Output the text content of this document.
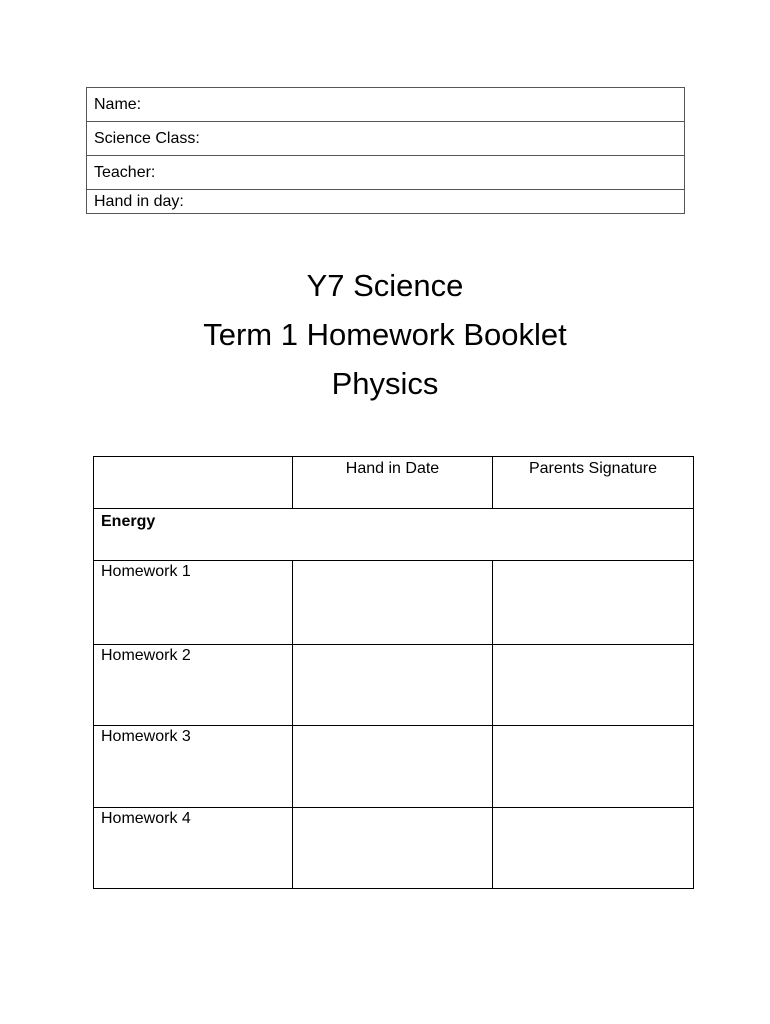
Name:
Science Class:
Teacher:
Hand in day:
Y7 Science
Term 1 Homework Booklet
Physics

	Hand in Date	Parents Signature

Energy		

Homework 1		

Homework 2		

Homework 3		

Homework 4		
